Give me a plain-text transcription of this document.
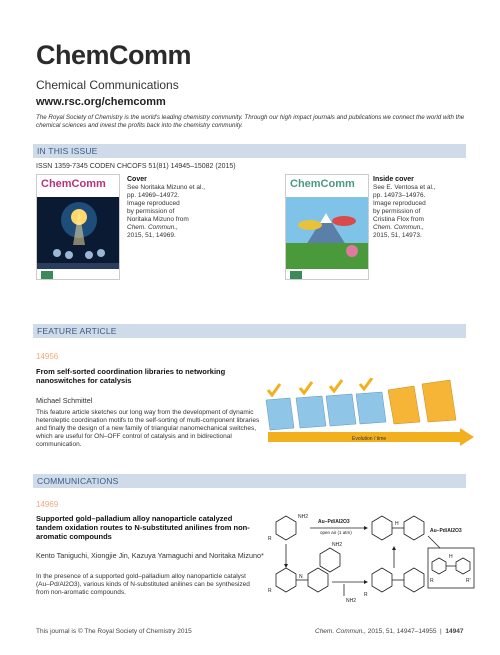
ChemComm
Chemical Communications
www.rsc.org/chemcomm
The Royal Society of Chemistry is the world's leading chemistry community. Through our high impact journals and publications we connect the world with the chemical sciences and invest the profits back into the chemistry community.
IN THIS ISSUE
ISSN 1359-7345 CODEN CHCOFS 51(81) 14945–15082 (2015)
ChemComm	Cover
See Noritaka Mizuno et al.,
pp. 14969–14972.
Image reproduced
by permission of
Noritaka Mizuno from
Chem. Commun.,
2015, 51, 14969.
ChemComm	Inside cover
See E. Ventosa et al.,
pp. 14973–14976.
Image reproduced
by permission of
Cristina Flox from
Chem. Commun.,
2015, 51, 14973.
FEATURE ARTICLE
14956
From self-sorted coordination libraries to networking nanoswitches for catalysis
Michael Schmittel
This feature article sketches our long way from the development of dynamic heteroleptic coordination motifs to the self-sorting of multi-component libraries and finally the design of a new family of triangular nanomechanical switches, which are useful for ON–OFF control of catalysis and in bidirectional communication.
Evolution / time
COMMUNICATIONS
14969
Supported gold–palladium alloy nanoparticle catalyzed tandem oxidation routes to N-substituted anilines from non-aromatic compounds
Kento Taniguchi, Xiongjie Jin, Kazuya Yamaguchi and Noritaka Mizuno*
In the presence of a supported gold–palladium alloy nanoparticle catalyst (Au–Pd/Al2O3), various kinds of N-substituted anilines can be synthesized from non-aromatic compounds.
NH2
R
Au–Pd/Al2O3
open air (1 atm)
H
Au–Pd/Al2O3
NH2
N
R
NH2
R
H
R	R'
This journal is © The Royal Society of Chemistry 2015	Chem. Commun., 2015, 51, 14947–14955  |  14947
